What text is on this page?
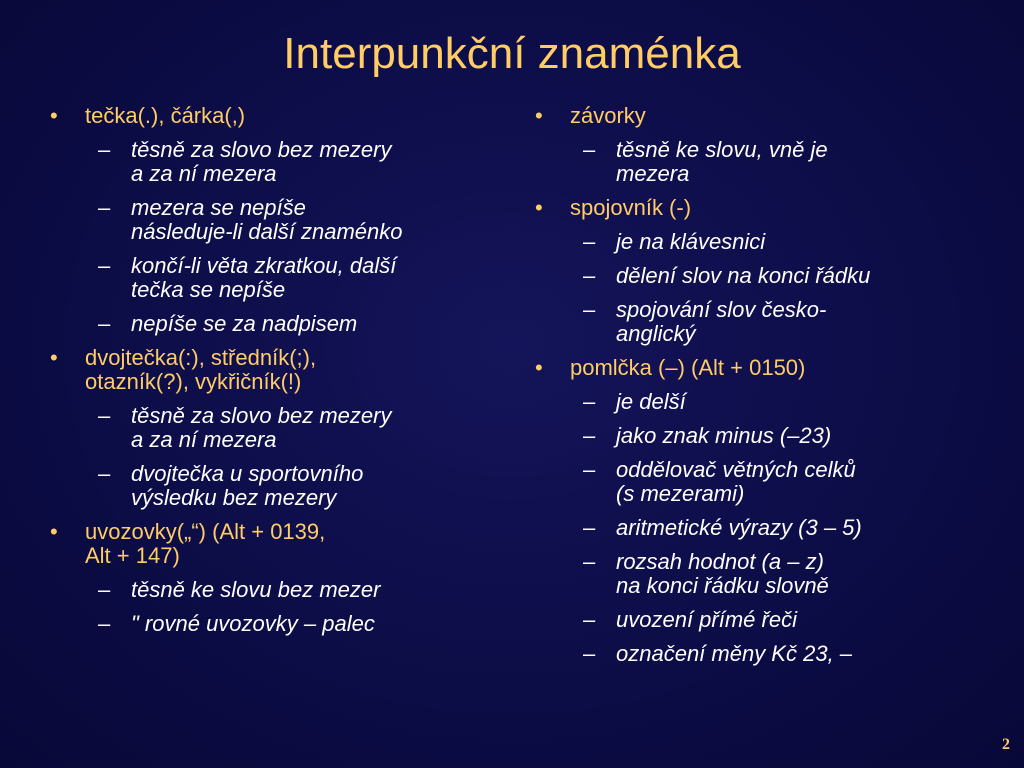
Interpunkční znaménka
• tečka(.), čárka(,)
– těsně za slovo bez mezery
a za ní mezera
– mezera se nepíše
následuje-li další znaménko
– končí-li věta zkratkou, další
tečka se nepíše
– nepíše se za nadpisem
• dvojtečka(:), středník(;),
otazník(?), vykřičník(!)
– těsně za slovo bez mezery
a za ní mezera
– dvojtečka u sportovního
výsledku bez mezery
• uvozovky(„“) (Alt + 0139,
Alt + 147)
– těsně ke slovu bez mezer
– " rovné uvozovky – palec
• závorky
– těsně ke slovu, vně je
mezera
• spojovník (-)
– je na klávesnici
– dělení slov na konci řádku
– spojování slov česko-
anglický
• pomlčka (–) (Alt + 0150)
– je delší
– jako znak minus (–23)
– oddělovač větných celků
(s mezerami)
– aritmetické výrazy (3 – 5)
– rozsah hodnot (a – z)
na konci řádku slovně
– uvození přímé řeči
– označení měny Kč 23, –
2
